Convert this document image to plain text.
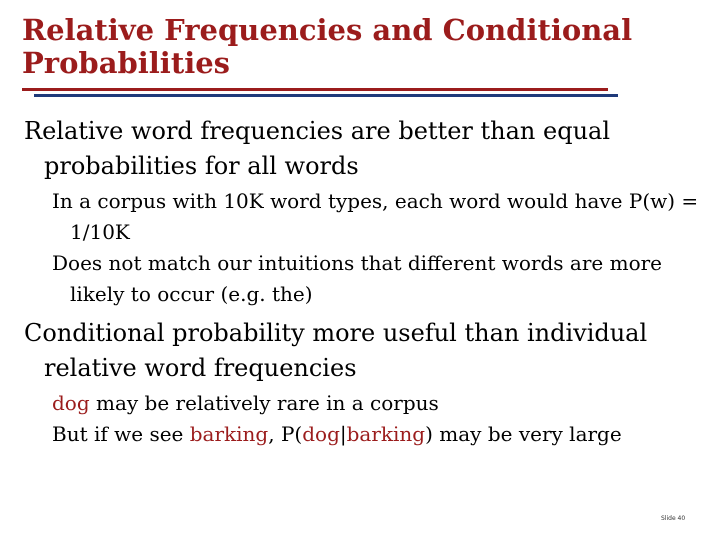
Relative Frequencies and Conditional Probabilities

Relative word frequencies are better than equal probabilities for all words

In a corpus with 10K word types, each word would have P(w) = 1/10K

Does not match our intuitions that different words are more likely to occur (e.g. the)

Conditional probability more useful than individual relative word frequencies

dog may be relatively rare in a corpus

But if we see barking, P(dog|barking) may be very large

Slide 40
